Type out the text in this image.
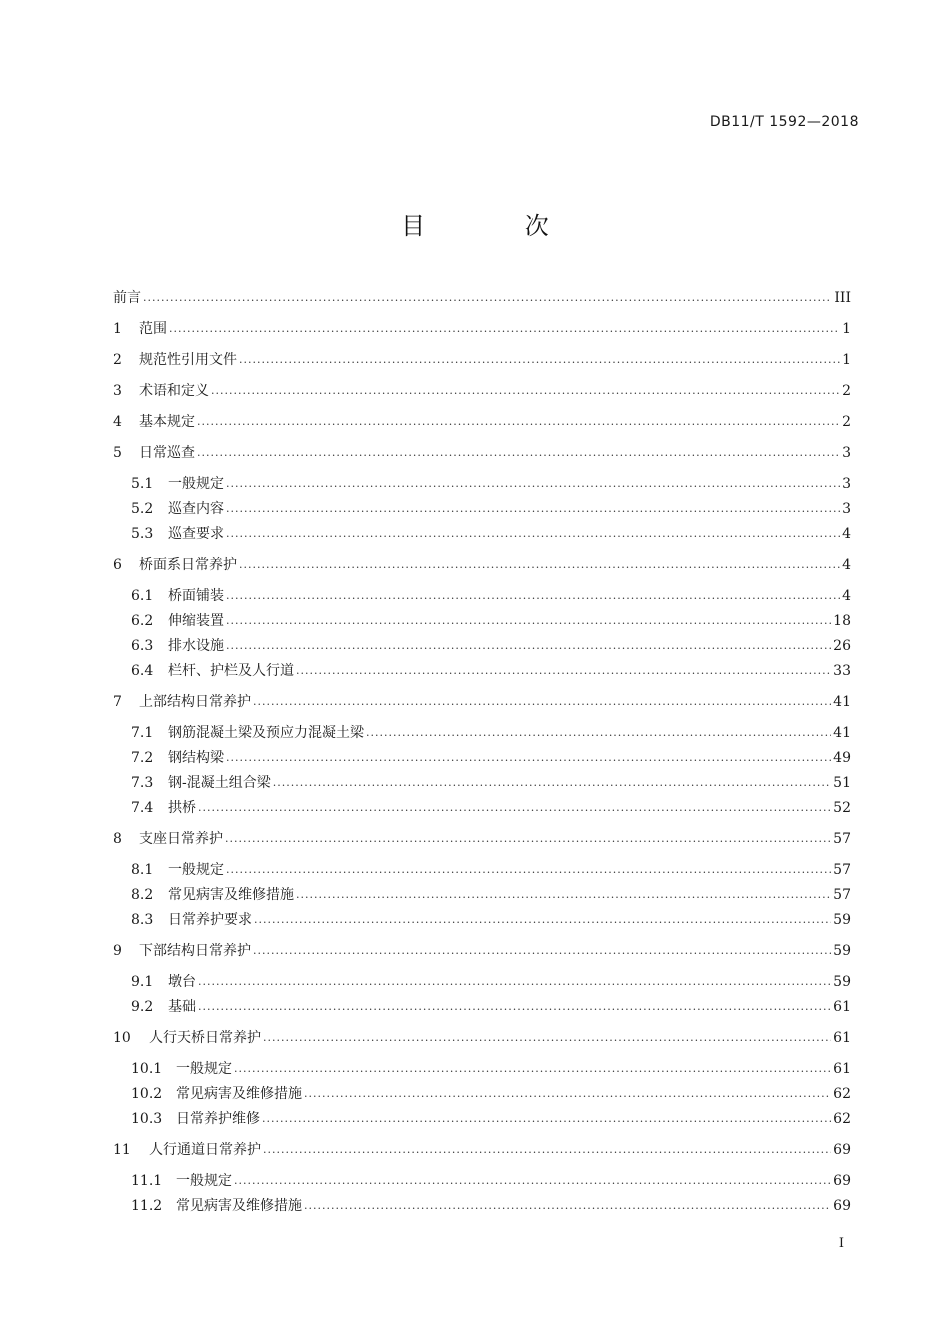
DB11/T 1592—2018
目 次
前言 .....	III
1	范围 .....	1
2	规范性引用文件 .....	1
3	术语和定义 .....	2
4	基本规定 .....	2
5	日常巡查 .....	3
5.1	一般规定 .....	3
5.2	巡查内容 .....	3
5.3	巡查要求 .....	4
6	桥面系日常养护 .....	4
6.1	桥面铺装 .....	4
6.2	伸缩装置 .....	18
6.3	排水设施 .....	26
6.4	栏杆、护栏及人行道 .....	33
7	上部结构日常养护 .....	41
7.1	钢筋混凝土梁及预应力混凝土梁 .....	41
7.2	钢结构梁 .....	49
7.3	钢-混凝土组合梁 .....	51
7.4	拱桥 .....	52
8	支座日常养护 .....	57
8.1	一般规定 .....	57
8.2	常见病害及维修措施 .....	57
8.3	日常养护要求 .....	59
9	下部结构日常养护 .....	59
9.1	墩台 .....	59
9.2	基础 .....	61
10	人行天桥日常养护 .....	61
10.1 一般规定 .....	61
10.2 常见病害及维修措施 .....	62
10.3 日常养护维修 .....	62
11	人行通道日常养护 .....	69
11.1 一般规定 .....	69
11.2 常见病害及维修措施 .....	69
I
